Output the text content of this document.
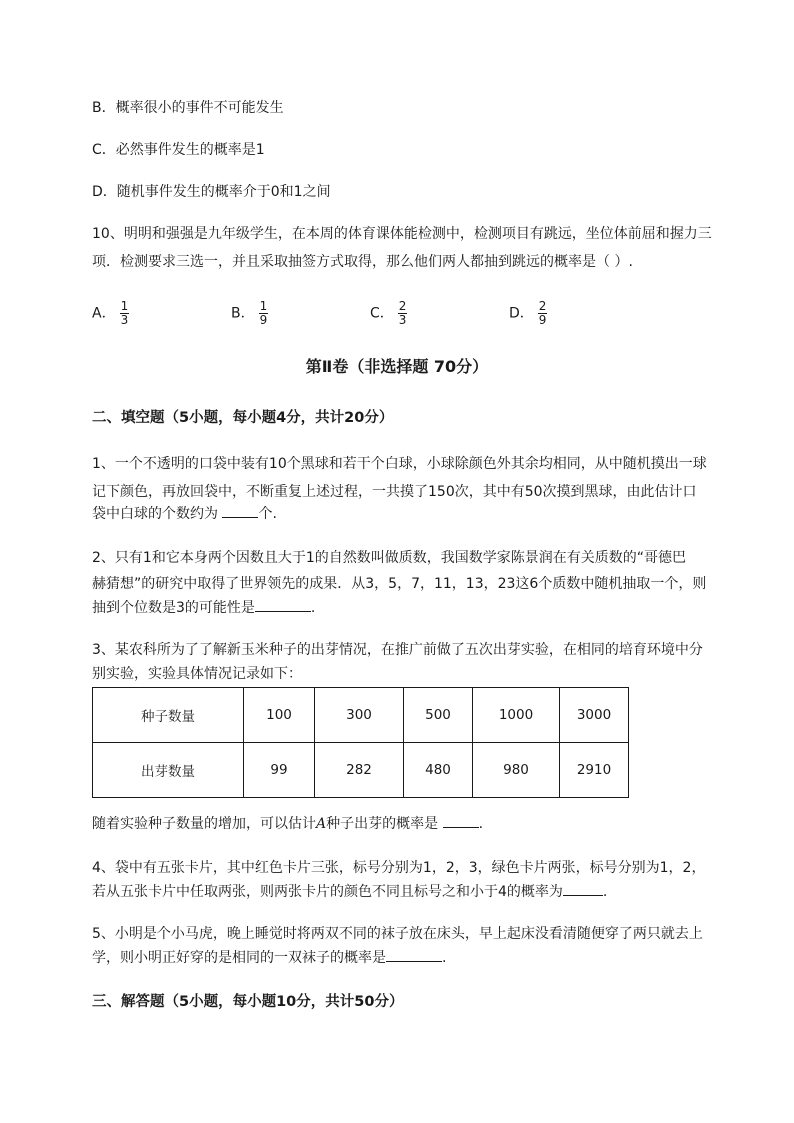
B．概率很小的事件不可能发生
C．必然事件发生的概率是1
D．随机事件发生的概率介于0和1之间
10、明明和强强是九年级学生，在本周的体育课体能检测中，检测项目有跳远，坐位体前屈和握力三
项．检测要求三选一，并且采取抽签方式取得，那么他们两人都抽到跳远的概率是（ ）.
A． $\frac{1}{3}$	B． $\frac{1}{9}$	C． $\frac{2}{3}$	D． $\frac{2}{9}$
第Ⅱ卷（非选择题 70分）
二、填空题（5小题，每小题4分，共计20分）
1、一个不透明的口袋中装有10个黑球和若干个白球，小球除颜色外其余均相同，从中随机摸出一球
记下颜色，再放回袋中，不断重复上述过程，一共摸了150次，其中有50次摸到黑球，由此估计口
袋中白球的个数约为	个.
2、只有1和它本身两个因数且大于1的自然数叫做质数，我国数学家陈景润在有关质数的“哥德巴
赫猜想”的研究中取得了世界领先的成果．从3，5，7，11，13，23这6个质数中随机抽取一个，则
抽到个位数是3的可能性是	.
3、某农科所为了了解新玉米种子的出芽情况，在推广前做了五次出芽实验，在相同的培育环境中分
别实验，实验具体情况记录如下：
种子数量	100	300	500	1000	3000
出芽数量	99	282	480	980	2910
随着实验种子数量的增加，可以估计A种子出芽的概率是	.
4、袋中有五张卡片，其中红色卡片三张，标号分别为1，2，3，绿色卡片两张，标号分别为1，2，
若从五张卡片中任取两张，则两张卡片的颜色不同且标号之和小于4的概率为	.
5、小明是个小马虎，晚上睡觉时将两双不同的袜子放在床头，早上起床没看清随便穿了两只就去上
学，则小明正好穿的是相同的一双袜子的概率是	.
三、解答题（5小题，每小题10分，共计50分）
